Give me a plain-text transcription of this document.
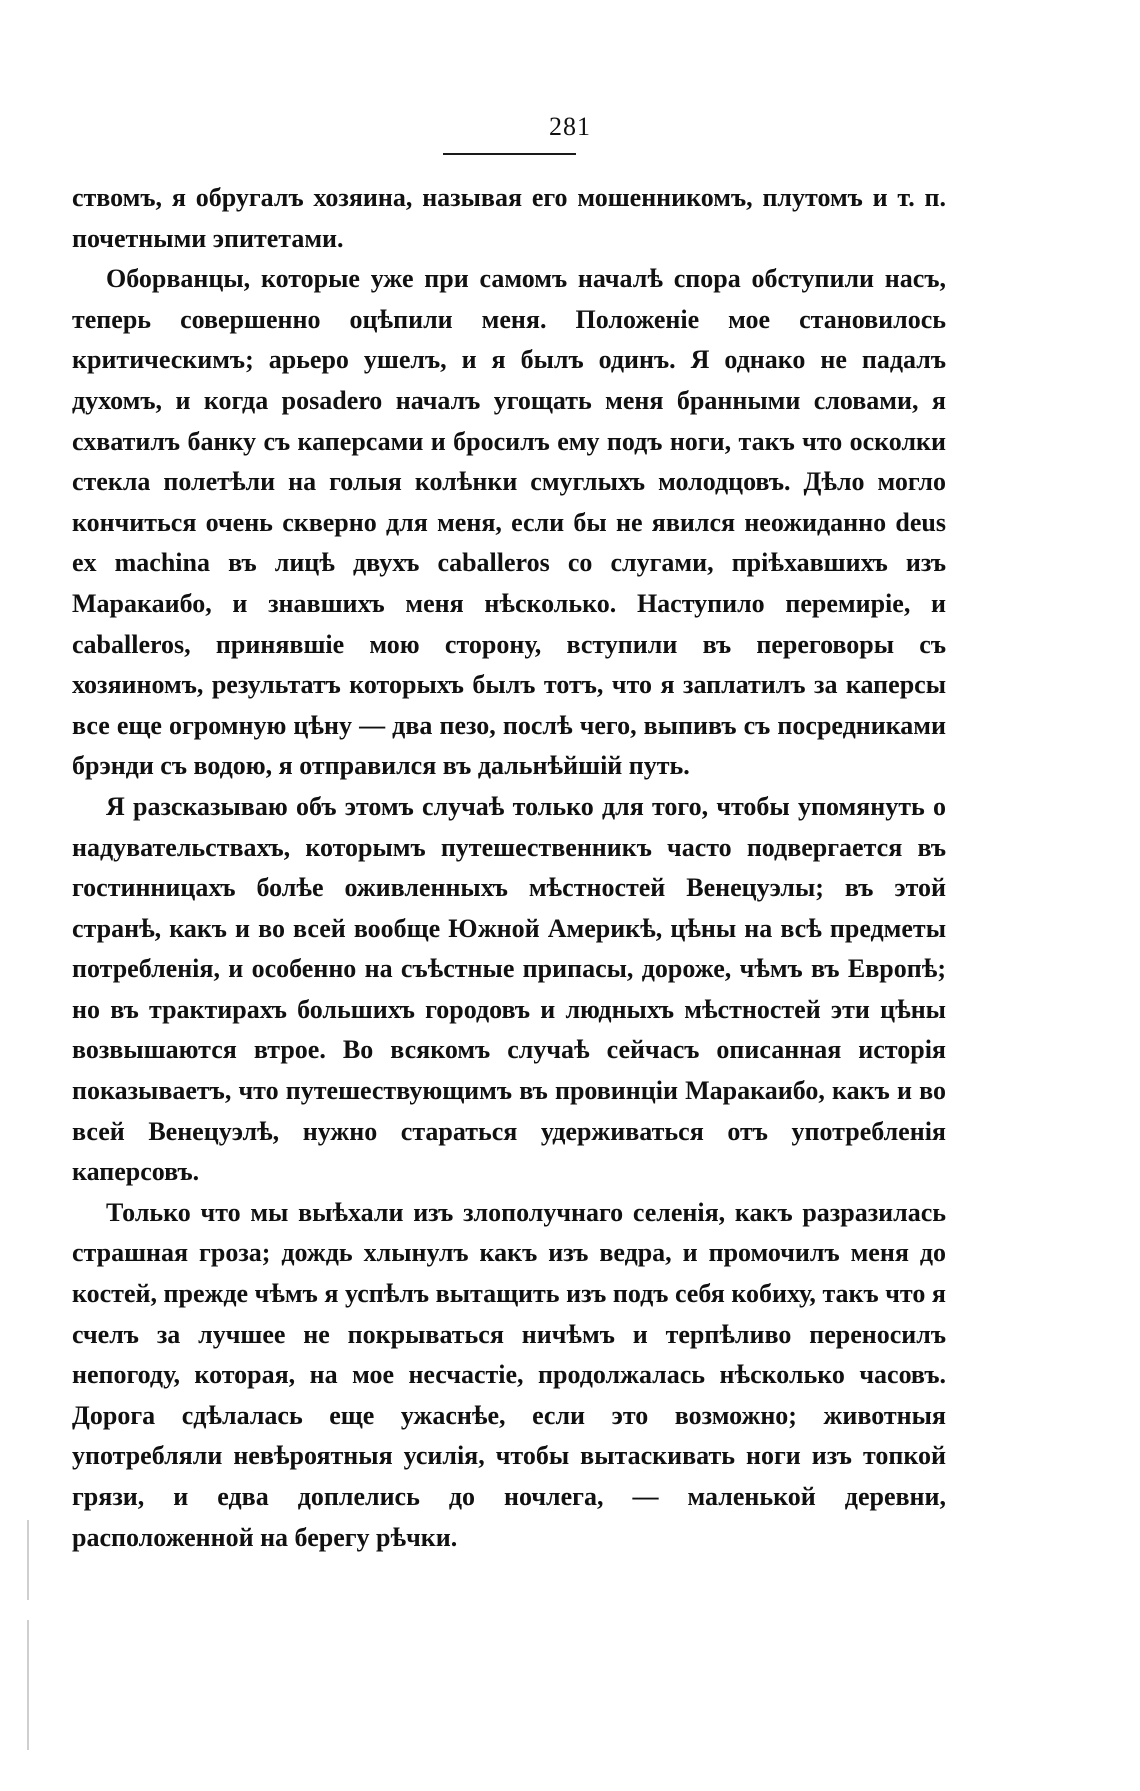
281

ствомъ, я обругалъ хозяина, называя его мошенникомъ, плутомъ и т. п. почетными эпитетами.

Оборванцы, которые уже при самомъ началѣ спора обступили насъ, теперь совершенно оцѣпили меня. Положеніе мое становилось критическимъ; арьеро ушелъ, и я былъ одинъ. Я однако не падалъ духомъ, и когда posadero началъ угощать меня бранными словами, я схватилъ банку съ каперсами и бросилъ ему подъ ноги, такъ что осколки стекла полетѣли на голыя колѣнки смуглыхъ молодцовъ. Дѣло могло кончиться очень скверно для меня, если бы не явился неожиданно deus ex machina въ лицѣ двухъ caballeros со слугами, пріѣхавшихъ изъ Маракаибо, и знавшихъ меня нѣсколько. Наступило перемиріе, и caballeros, принявшіе мою сторону, вступили въ переговоры съ хозяиномъ, результатъ которыхъ былъ тотъ, что я заплатилъ за каперсы все еще огромную цѣну — два пезо, послѣ чего, выпивъ съ посредниками брэнди съ водою, я отправился въ дальнѣйшій путь.

Я разсказываю объ этомъ случаѣ только для того, чтобы упомянуть о надувательствахъ, которымъ путешественникъ часто подвергается въ гостинницахъ болѣе оживленныхъ мѣстностей Венецуэлы; въ этой странѣ, какъ и во всей вообще Южной Америкѣ, цѣны на всѣ предметы потребленія, и особенно на съѣстные припасы, дороже, чѣмъ въ Европѣ; но въ трактирахъ большихъ городовъ и людныхъ мѣстностей эти цѣны возвышаются втрое. Во всякомъ случаѣ сейчасъ описанная исторія показываетъ, что путешествующимъ въ провинціи Маракаибо, какъ и во всей Венецуэлѣ, нужно стараться удерживаться отъ употребленія каперсовъ.

Только что мы выѣхали изъ злополучнаго селенія, какъ разразилась страшная гроза; дождь хлынулъ какъ изъ ведра, и промочилъ меня до костей, прежде чѣмъ я успѣлъ вытащить изъ подъ себя кобиху, такъ что я счелъ за лучшее не покрываться ничѣмъ и терпѣливо переносилъ непогоду, которая, на мое несчастіе, продолжалась нѣсколько часовъ. Дорога сдѣлалась еще ужаснѣе, если это возможно; животныя употребляли невѣроятныя усилія, чтобы вытаскивать ноги изъ топкой грязи, и едва доплелись до ночлега, — маленькой деревни, расположенной на берегу рѣчки.
